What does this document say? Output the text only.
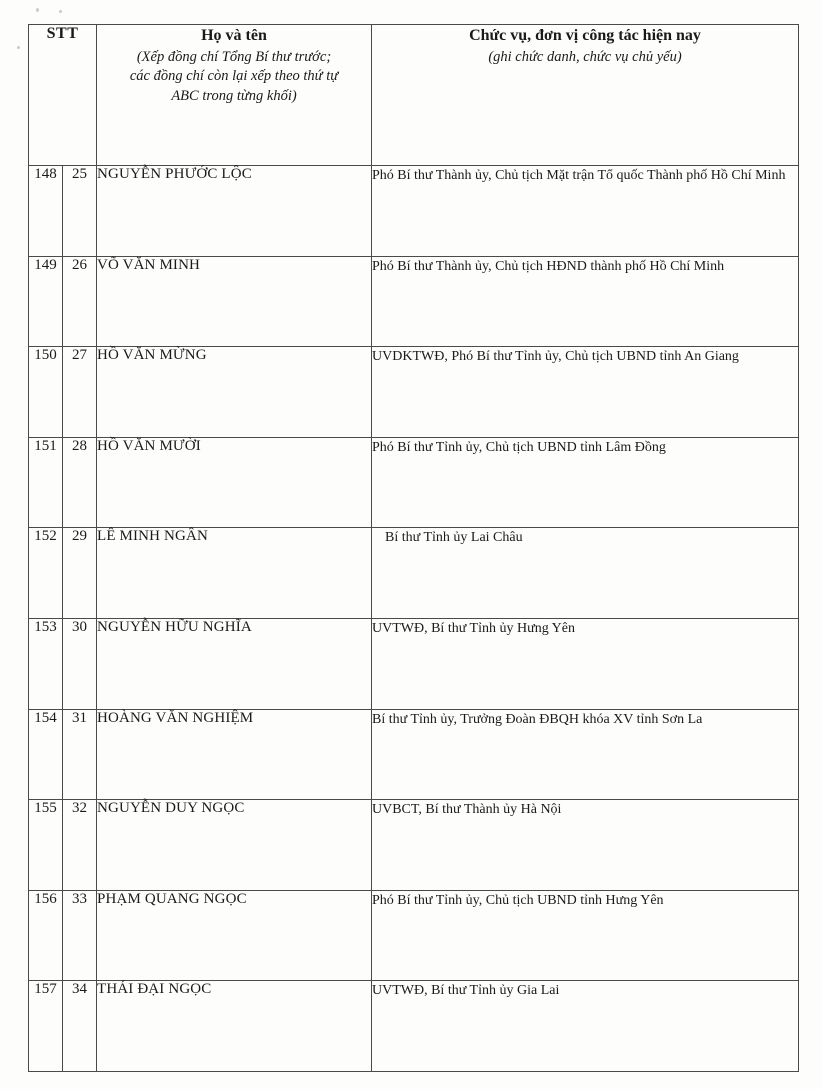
STT		Họ và tên
(Xếp đồng chí Tổng Bí thư trước;
các đồng chí còn lại xếp theo thứ tự
ABC trong từng khối)	Chức vụ, đơn vị công tác hiện nay
(ghi chức danh, chức vụ chủ yếu)

148	25	NGUYỄN PHƯỚC LỘC	Phó Bí thư Thành ủy, Chủ tịch Mặt trận Tổ quốc Thành phố Hồ Chí Minh
149	26	VÕ VĂN MINH	Phó Bí thư Thành ủy, Chủ tịch HĐND thành phố Hồ Chí Minh
150	27	HỒ VĂN MỪNG	UVDKTWĐ, Phó Bí thư Tỉnh ủy, Chủ tịch UBND tỉnh An Giang
151	28	HỒ VĂN MƯỜI	Phó Bí thư Tỉnh ủy, Chủ tịch UBND tỉnh Lâm Đồng
152	29	LÊ MINH NGÂN	Bí thư Tỉnh ủy Lai Châu
153	30	NGUYỄN HỮU NGHĨA	UVTWĐ, Bí thư Tỉnh ủy Hưng Yên
154	31	HOÀNG VĂN NGHIỆM	Bí thư Tỉnh ủy, Trưởng Đoàn ĐBQH khóa XV tỉnh Sơn La
155	32	NGUYỄN DUY NGỌC	UVBCT, Bí thư Thành ủy Hà Nội
156	33	PHẠM QUANG NGỌC	Phó Bí thư Tỉnh ủy, Chủ tịch UBND tỉnh Hưng Yên
157	34	THÁI ĐẠI NGỌC	UVTWĐ, Bí thư Tỉnh ủy Gia Lai
